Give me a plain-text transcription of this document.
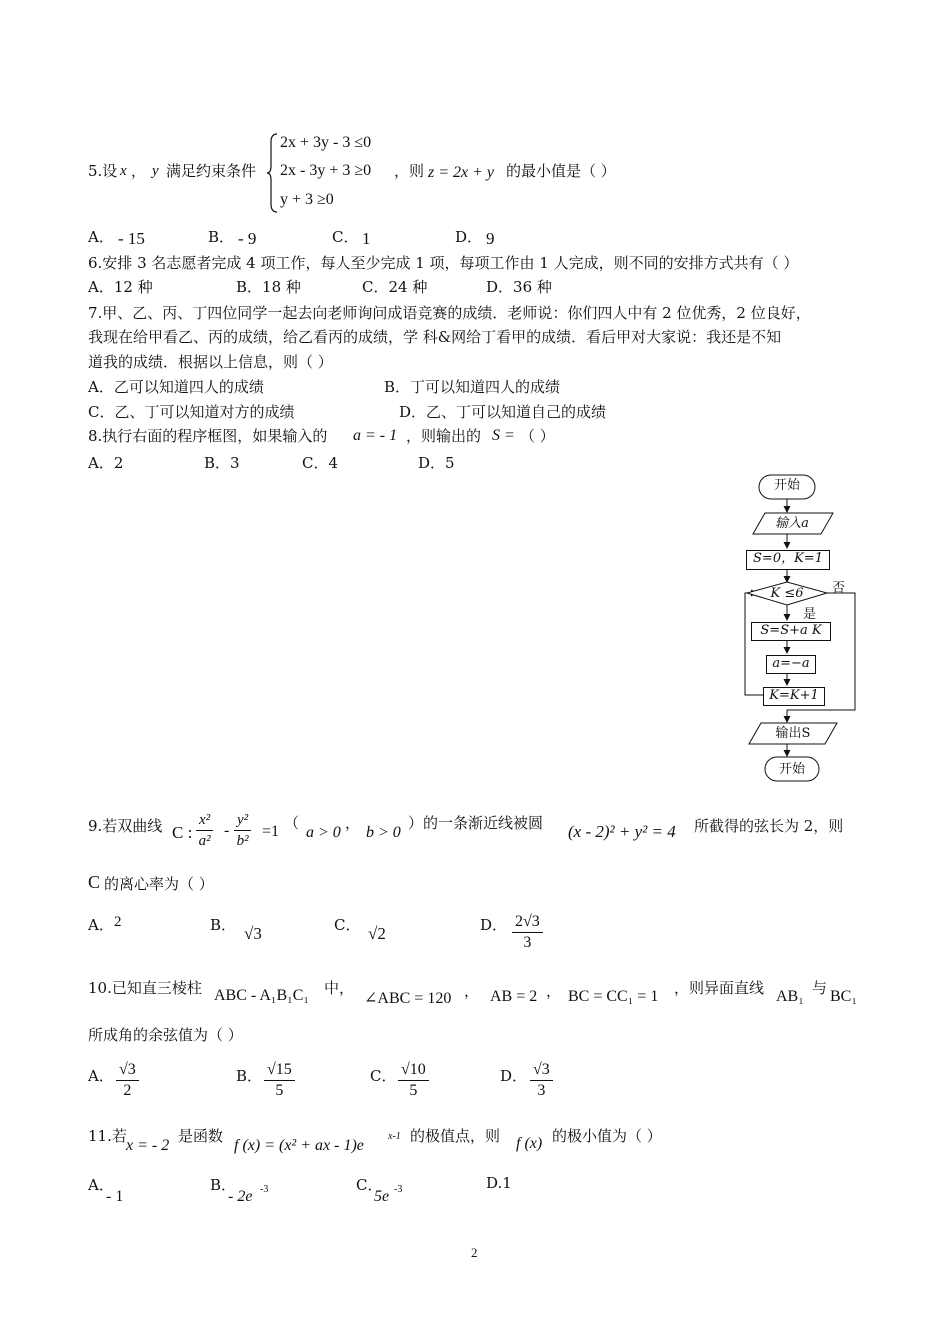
5.设 x ， y 满足约束条件
2x + 3y - 3 ≤0
2x - 3y + 3 ≥0
y + 3 ≥0
，则 z = 2x + y 的最小值是（ ）
A． - 15	B． - 9	C． 1	D． 9
6.安排 3 名志愿者完成 4 项工作，每人至少完成 1 项，每项工作由 1 人完成，则不同的安排方式共有（ ）
A．12 种	B．18 种	C．24 种	D．36 种
7.甲、乙、丙、丁四位同学一起去向老师询问成语竞赛的成绩．老师说：你们四人中有 2 位优秀，2 位良好，
我现在给甲看乙、丙的成绩，给乙看丙的成绩，学 科&网给丁看甲的成绩．看后甲对大家说：我还是不知
道我的成绩．根据以上信息，则（ ）
A．乙可以知道四人的成绩	B．丁可以知道四人的成绩
C．乙、丁可以知道对方的成绩	D．乙、丁可以知道自己的成绩
8.执行右面的程序框图，如果输入的 a = - 1 ，则输出的 S = （ ）
A．2	B．3	C．4	D．5
开始
输入a
S=0，K=1
K ≤6
是
否
S=S+a K
a=−a
K=K+1
输出S
开始
9.若双曲线 C : $\frac{\text{x²}}{\text{a²}} - \frac{\text{y²}}{\text{b²}} =1$ （
a > 0
，
b > 0
）的一条渐近线被圆 (x - 2)² + y² = 4 所截得的弦长为 2，则
C 的离心率为（ ）
A． 2	B． √3	C． √2	D． $\frac{2√3}{3}$
10.已知直三棱柱 ABC - A₁B₁C₁ 中，
∠ABC = 120 ， AB = 2 ， BC = CC₁ = 1 ，则异面直线 AB₁ 与 BC₁
所成角的余弦值为（ ）
A． $\frac{√3}{2}$	B． $\frac{√15}{5}$	C． $\frac{√10}{5}$	D． $\frac{√3}{3}$
11.若
x = - 2
是函数
f (x) = (x² + ax - 1)e
x-1 的极值点，则 f (x) 的极小值为（ ）
A．
- 1
B．
- 2e -3	C．
5e -3	D.1
2
